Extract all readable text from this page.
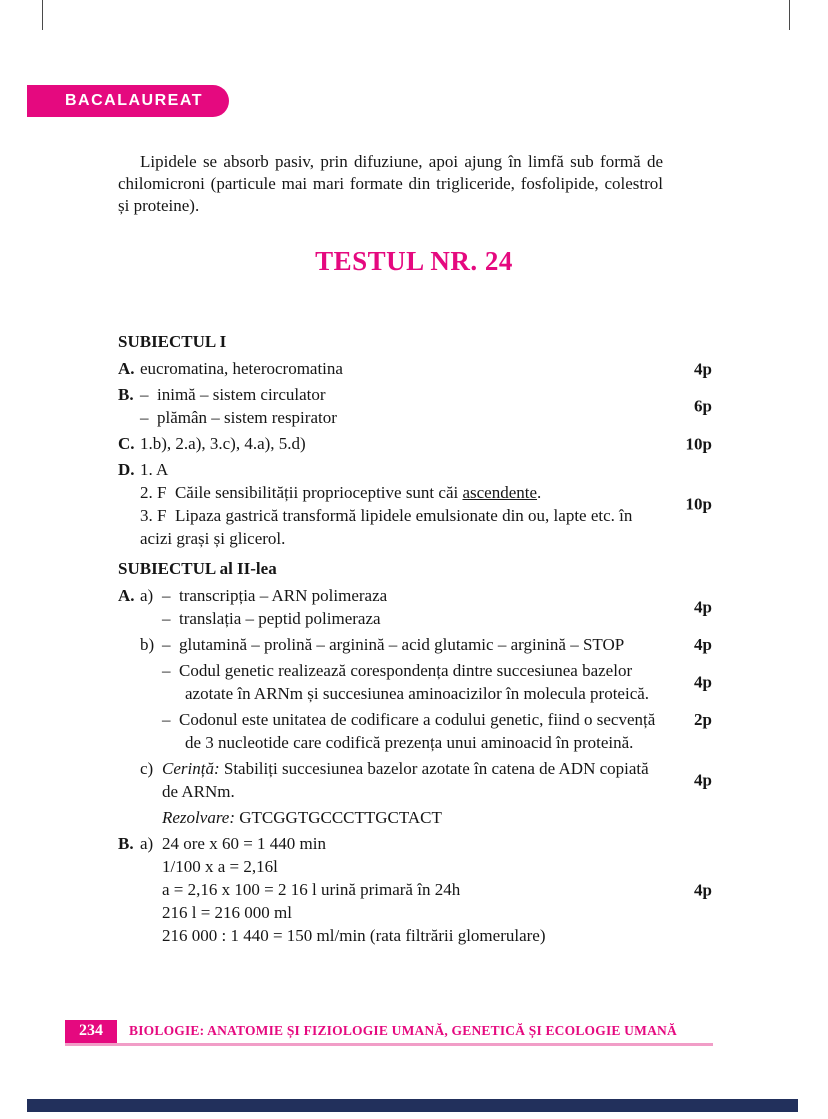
BACALAUREAT

Lipidele se absorb pasiv, prin difuziune, apoi ajung în limfă sub formă de chilomicroni (particule mai mari formate din trigliceride, fosfolipide, colestrol și proteine).

TESTUL NR. 24
SUBIECTUL I
A. eucromatina, heterocromatina	4p
B. –  inimă – sistem circulator
–  plămân – sistem respirator
6p
C. 1.b), 2.a), 3.c), 4.a), 5.d)	10p
D. 1. A
2. F  Căile sensibilității proprioceptive sunt căi ascendente.
3. F  Lipaza gastrică transformă lipidele emulsionate din ou, lapte etc. în acizi grași și glicerol.
10p
SUBIECTUL al II-lea
A. a) –  transcripția – ARN polimeraza
–  translația – peptid polimeraza
4p
b) –  glutamină – prolină – arginină – acid glutamic – arginină – STOP	4p
–  Codul genetic realizează corespondența dintre succesiunea bazelor azotate în ARNm și succesiunea aminoacizilor în molecula proteică.
4p
–  Codonul este unitatea de codificare a codului genetic, fiind o secvență de 3 nucleotide care codifică prezența unui aminoacid în proteină.
2p
c) Cerință: Stabiliți succesiunea bazelor azotate în catena de ADN copiată de ARNm.
4p
Rezolvare: GTCGGTGCCCTTGCTACT
B. a) 24 ore x 60 = 1 440 min
1/100 x a = 2,16l
a = 2,16 x 100 = 2 16 l urină primară în 24h
216 l = 216 000 ml
216 000 : 1 440 = 150 ml/min (rata filtrării glomerulare)
4p
234	BIOLOGIE: ANATOMIE ȘI FIZIOLOGIE UMANĂ, GENETICĂ ȘI ECOLOGIE UMANĂ
